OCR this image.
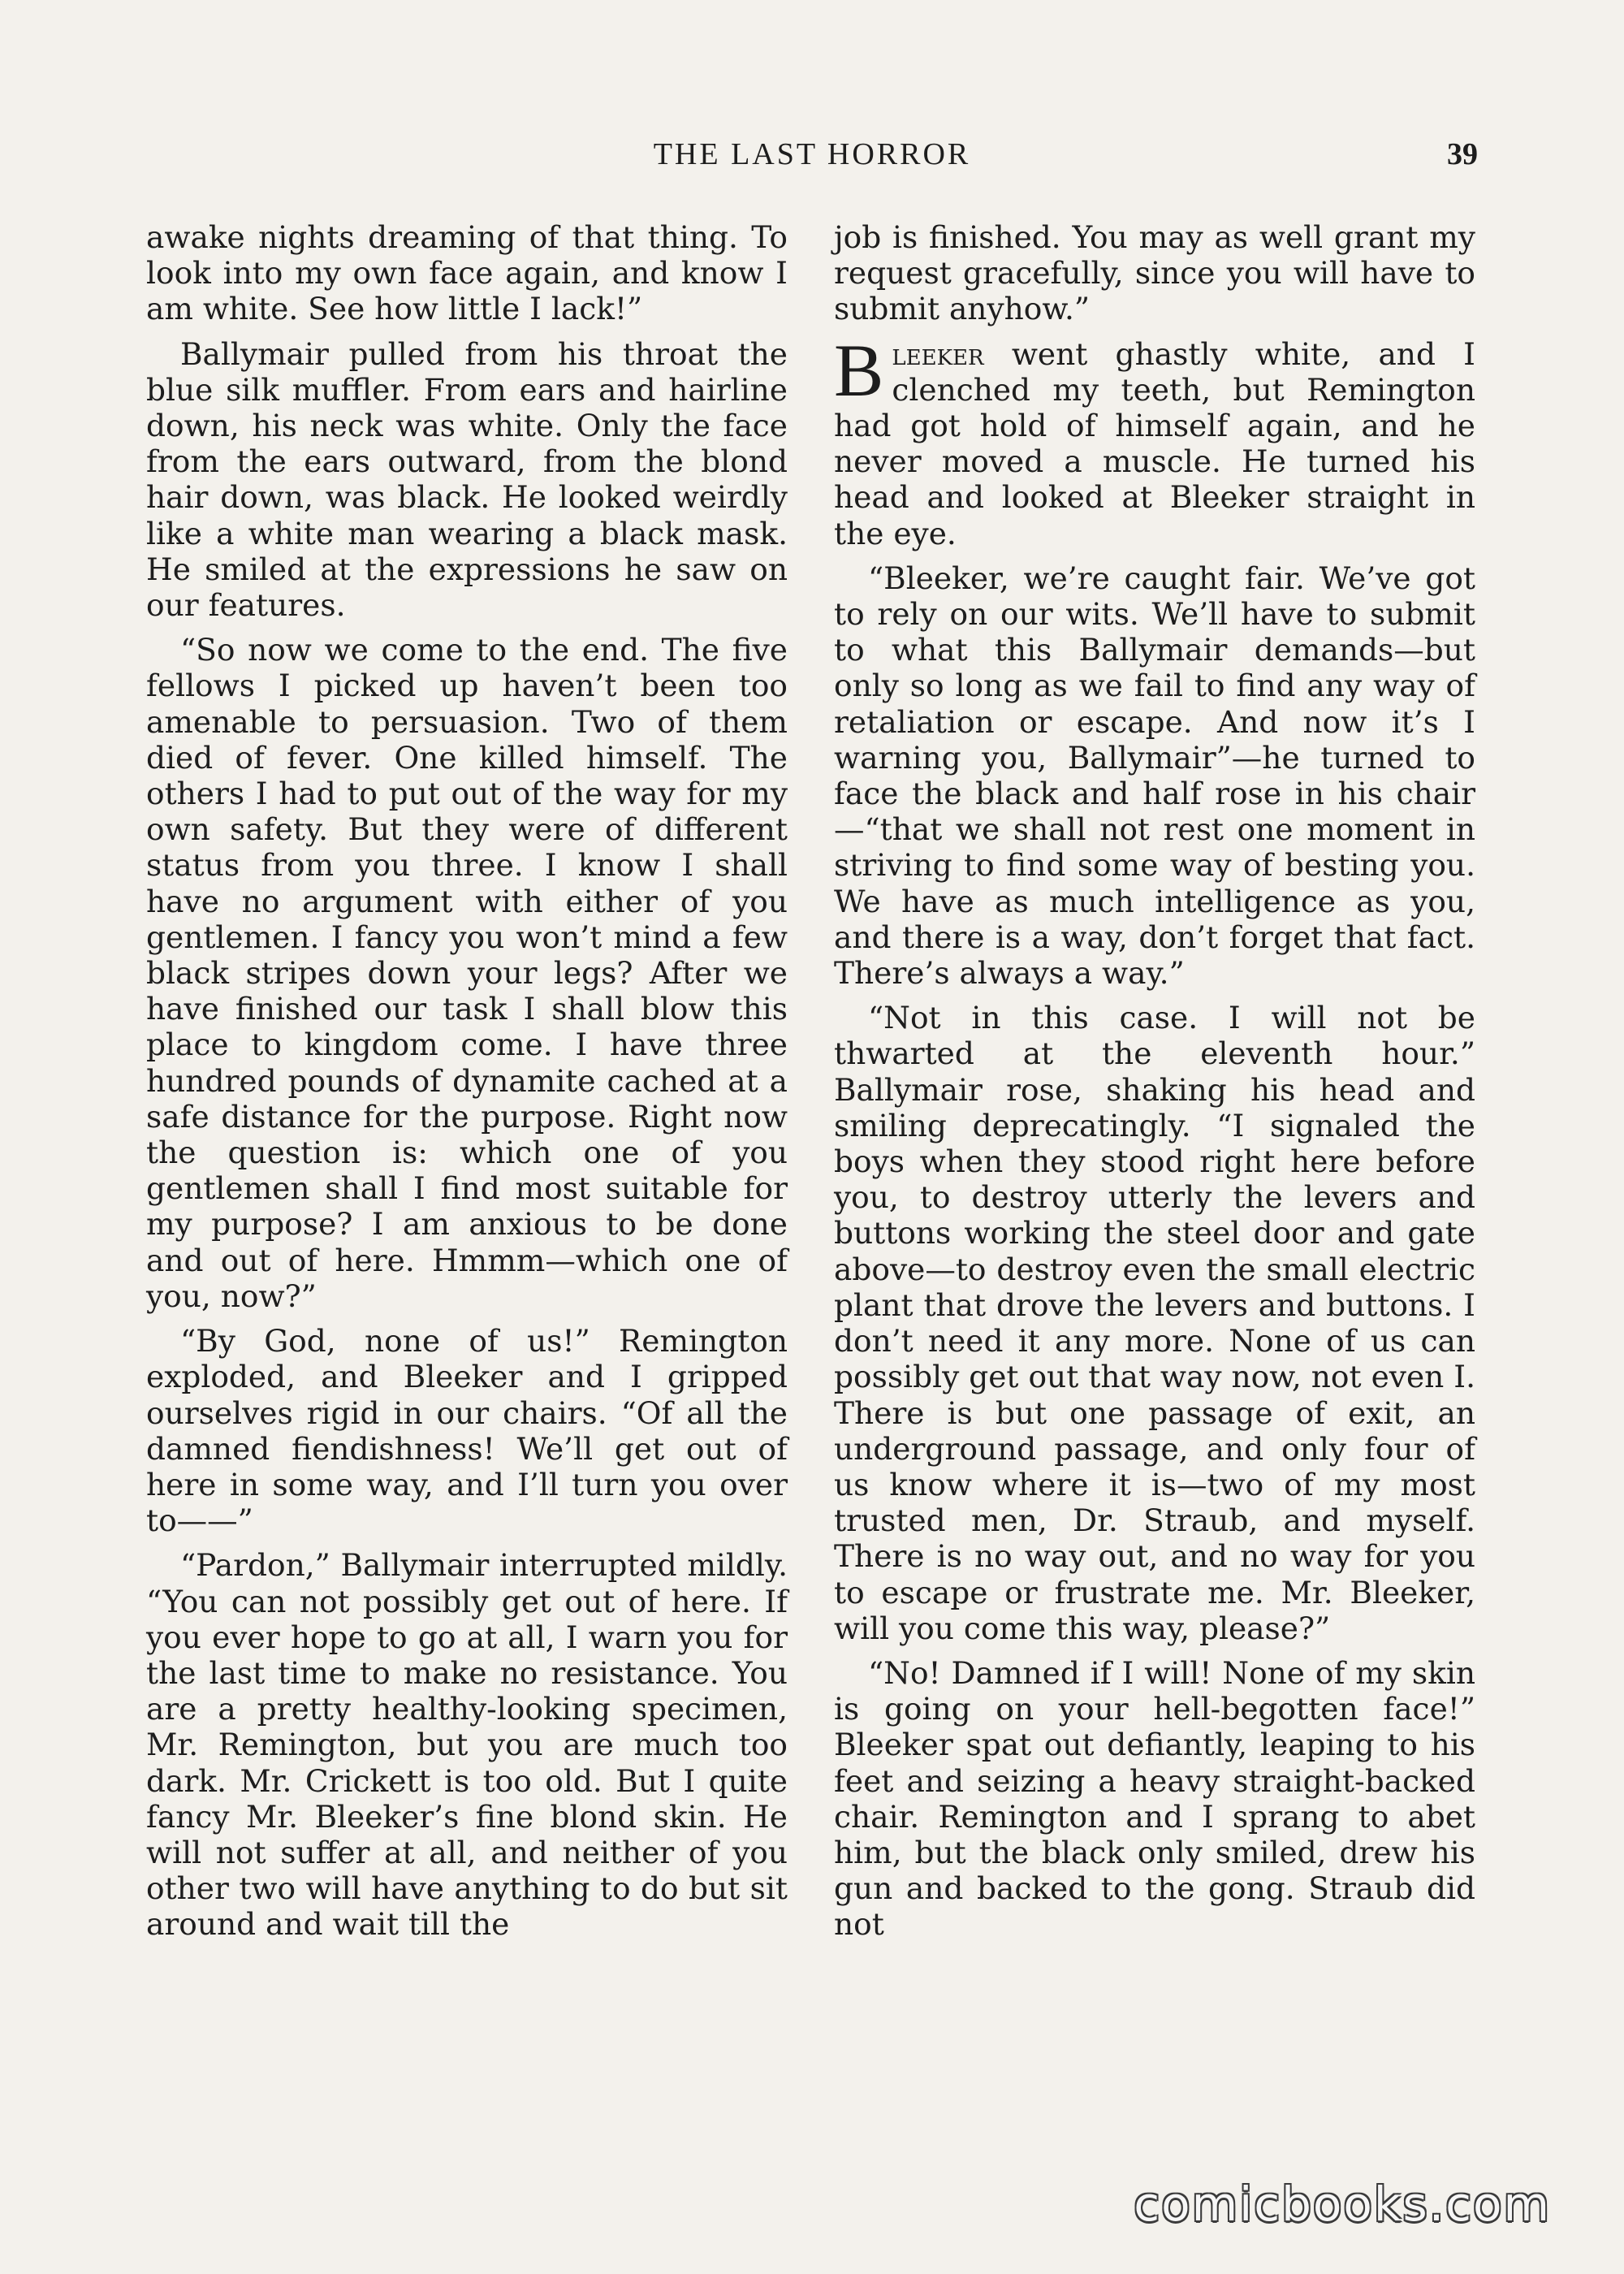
THE LAST HORROR	39

awake nights dreaming of that thing. To look into my own face again, and know I am white. See how little I lack!”

Ballymair pulled from his throat the blue silk muffler. From ears and hairline down, his neck was white. Only the face from the ears outward, from the blond hair down, was black. He looked weirdly like a white man wearing a black mask. He smiled at the expressions he saw on our features.

“So now we come to the end. The five fellows I picked up haven’t been too amenable to persuasion. Two of them died of fever. One killed himself. The others I had to put out of the way for my own safety. But they were of different status from you three. I know I shall have no argument with either of you gentlemen. I fancy you won’t mind a few black stripes down your legs? After we have finished our task I shall blow this place to kingdom come. I have three hundred pounds of dynamite cached at a safe distance for the purpose. Right now the question is: which one of you gentlemen shall I find most suitable for my purpose? I am anxious to be done and out of here. Hmmm—which one of you, now?”

“By God, none of us!” Remington exploded, and Bleeker and I gripped ourselves rigid in our chairs. “Of all the damned fiendishness! We’ll get out of here in some way, and I’ll turn you over to——”

“Pardon,” Ballymair interrupted mildly. “You can not possibly get out of here. If you ever hope to go at all, I warn you for the last time to make no resistance. You are a pretty healthy-looking specimen, Mr. Remington, but you are much too dark. Mr. Crickett is too old. But I quite fancy Mr. Bleeker’s fine blond skin. He will not suffer at all, and neither of you other two will have anything to do but sit around and wait till the

job is finished. You may as well grant my request gracefully, since you will have to submit anyhow.”

Bleeker went ghastly white, and I clenched my teeth, but Remington had got hold of himself again, and he never moved a muscle. He turned his head and looked at Bleeker straight in the eye.

“Bleeker, we’re caught fair. We’ve got to rely on our wits. We’ll have to submit to what this Ballymair demands—but only so long as we fail to find any way of retaliation or escape. And now it’s I warning you, Ballymair”—he turned to face the black and half rose in his chair—“that we shall not rest one moment in striving to find some way of besting you. We have as much intelligence as you, and there is a way, don’t forget that fact. There’s always a way.”

“Not in this case. I will not be thwarted at the eleventh hour.” Ballymair rose, shaking his head and smiling deprecatingly. “I signaled the boys when they stood right here before you, to destroy utterly the levers and buttons working the steel door and gate above—to destroy even the small electric plant that drove the levers and buttons. I don’t need it any more. None of us can possibly get out that way now, not even I. There is but one passage of exit, an underground passage, and only four of us know where it is—two of my most trusted men, Dr. Straub, and myself. There is no way out, and no way for you to escape or frustrate me. Mr. Bleeker, will you come this way, please?”

“No! Damned if I will! None of my skin is going on your hell-begotten face!” Bleeker spat out defiantly, leaping to his feet and seizing a heavy straight-backed chair. Remington and I sprang to abet him, but the black only smiled, drew his gun and backed to the gong. Straub did not

comicbooks.com
